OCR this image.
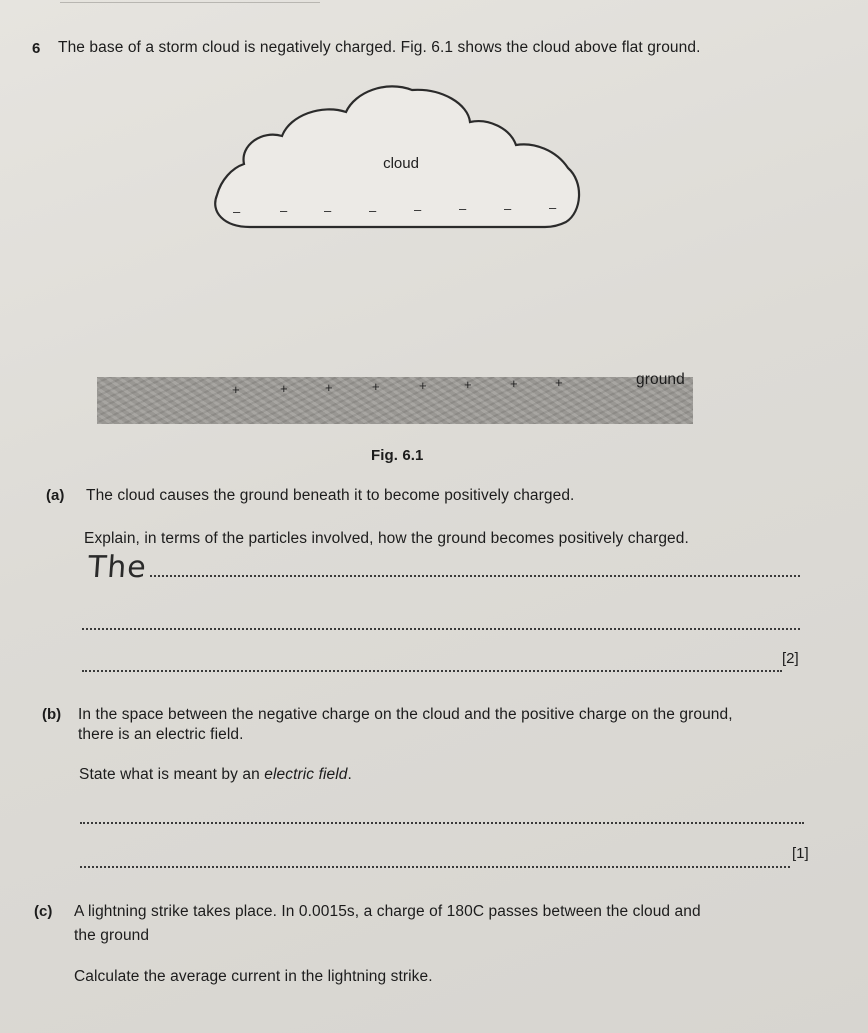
6 The base of a storm cloud is negatively charged. Fig. 6.1 shows the cloud above flat ground.
cloud
–	–	–	–	–	–	–	–
+	+	+	+	+	+	+	+	ground
Fig. 6.1
(a) The cloud causes the ground beneath it to become positively charged.
Explain, in terms of the particles involved, how the ground becomes positively charged.
The
[2]
(b) In the space between the negative charge on the cloud and the positive charge on the ground,
there is an electric field.
State what is meant by an electric field.
[1]
(c) A lightning strike takes place. In 0.0015s, a charge of 180C passes between the cloud and
the ground
Calculate the average current in the lightning strike.
